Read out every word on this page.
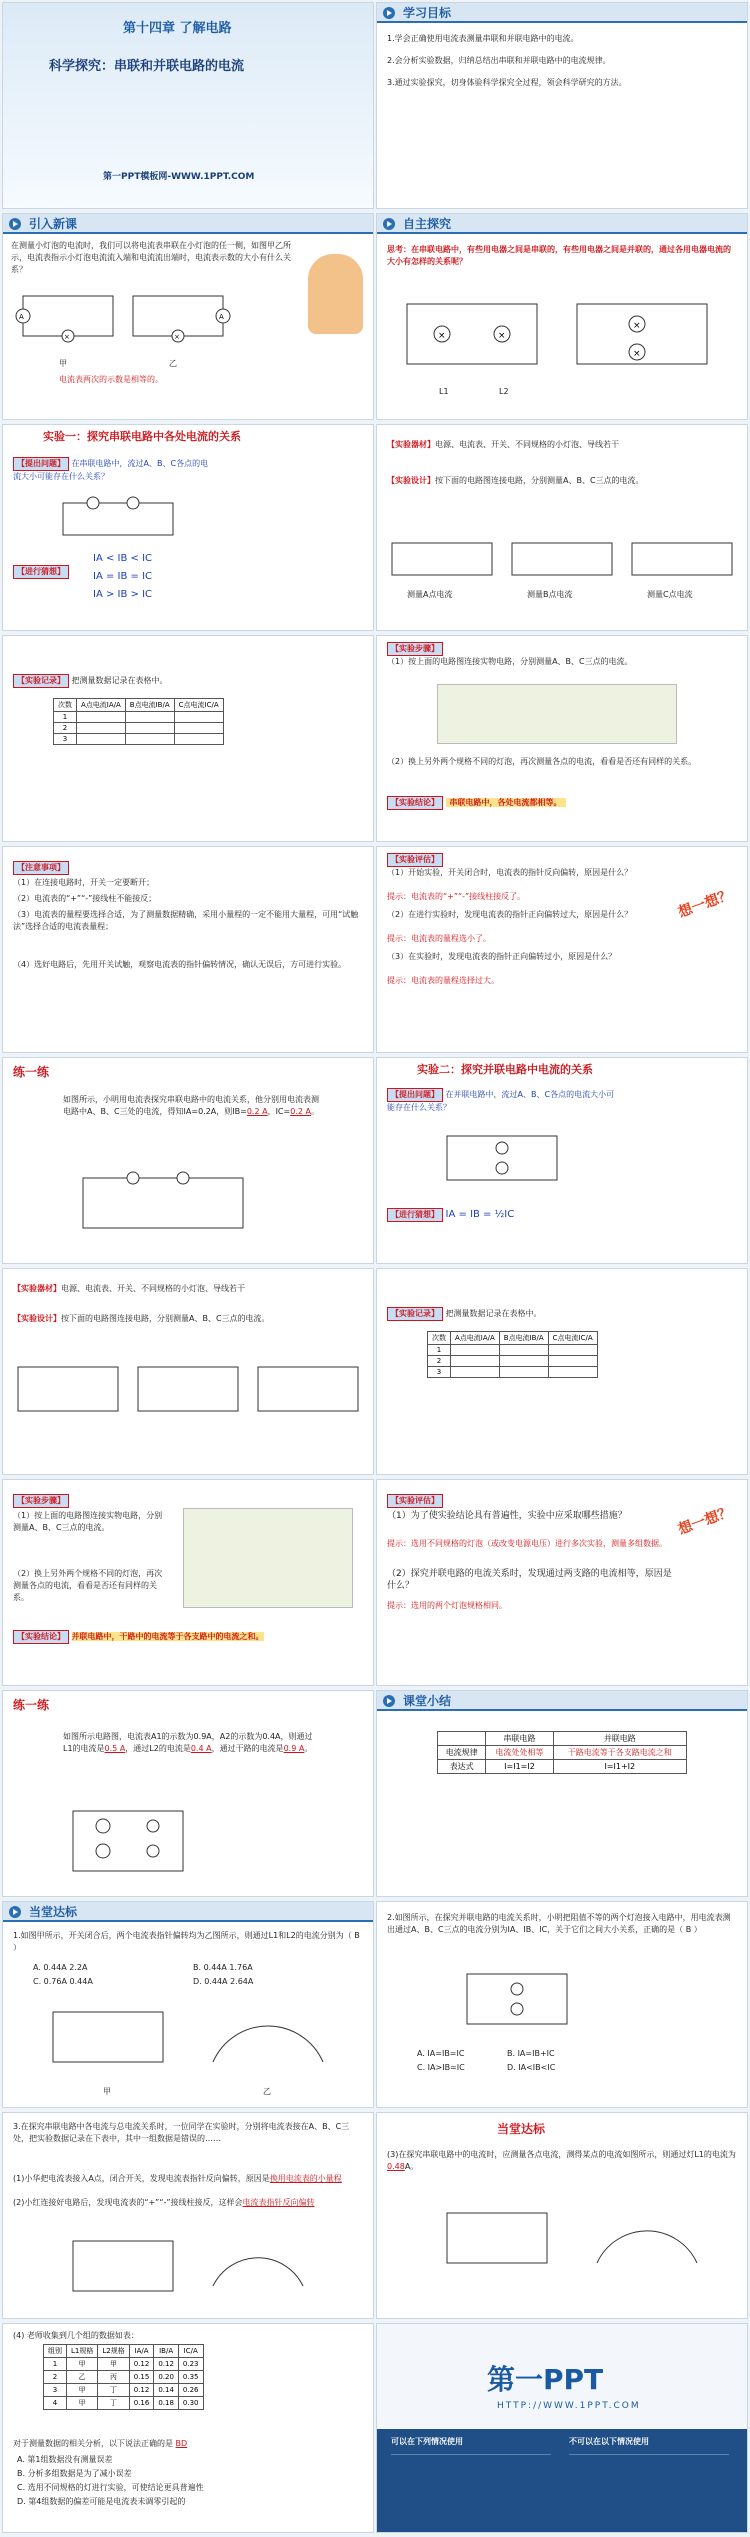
第十四章 了解电路
科学探究：串联和并联电路的电流
第一PPT模板网-WWW.1PPT.COM
学习目标
1.学会正确使用电流表测量串联和并联电路中的电流。
2.会分析实验数据，归纳总结出串联和并联电路中的电流规律。
3.通过实验探究，切身体验科学探究全过程，领会科学研究的方法。
引入新课
在测量小灯泡的电流时，我们可以将电流表串联在小灯泡的任一侧，如图甲乙所示，电流表指示小灯泡电流流入端和电流流出端时，电流表示数的大小有什么关系？
A
×
A
×
甲	乙
电流表两次的示数是相等的。
自主探究
思考：在串联电路中，有些用电器之间是串联的，有些用电器之间是并联的，通过各用电器电流的大小有怎样的关系呢？
×	×
×
×
L1	L2
实验一：探究串联电路中各处电流的关系
【提出问题】 在串联电路中，流过A、B、C各点的电流大小可能存在什么关系？
【进行猜想】
IA < IB < IC
IA = IB = IC
IA > IB > IC
【实验器材】电源、电流表、开关、不同规格的小灯泡、导线若干
【实验设计】按下面的电路图连接电路，分别测量A、B、C三点的电流。
测量A点电流	测量B点电流	测量C点电流
【实验记录】 把测量数据记录在表格中。
次数	A点电流IA/A	B点电流IB/A	C点电流IC/A
1			
2			
3			
【实验步骤】
（1）按上面的电路图连接实物电路，分别测量A、B、C三点的电流。
（2）换上另外两个规格不同的灯泡，再次测量各点的电流，看看是否还有同样的关系。
【实验结论】 串联电路中，各处电流都相等。
【注意事项】
（1）在连接电路时，开关一定要断开；
（2）电流表的“+”“-”接线柱不能接反；
（3）电流表的量程要选择合适，为了测量数据精确，采用小量程的一定不能用大量程，可用“试触法”选择合适的电流表量程；
（4）选好电路后，先用开关试触，观察电流表的指针偏转情况，确认无误后，方可进行实验。
【实验评估】
（1）开始实验，开关闭合时，电流表的指针反向偏转，原因是什么？
提示：电流表的“+”“-”接线柱接反了。
（2）在进行实验时，发现电流表的指针正向偏转过大，原因是什么？
提示：电流表的量程选小了。
（3）在实验时，发现电流表的指针正向偏转过小，原因是什么？
提示：电流表的量程选择过大。
想一想？
练一练
如图所示，小明用电流表探究串联电路中的电流关系，他分别用电流表测电路中A、B、C三处的电流，得知IA=0.2A，则IB=0.2 A，IC=0.2 A。
实验二：探究并联电路中电流的关系
【提出问题】 在并联电路中，流过A、B、C各点的电流大小可能存在什么关系？
【进行猜想】 IA = IB = ½IC
【实验器材】电源、电流表、开关、不同规格的小灯泡、导线若干
【实验设计】按下面的电路图连接电路，分别测量A、B、C三点的电流。
【实验记录】 把测量数据记录在表格中。
次数	A点电流IA/A	B点电流IB/A	C点电流IC/A
1			
2			
3			
【实验步骤】
（1）按上面的电路图连接实物电路，分别测量A、B、C三点的电流。
（2）换上另外两个规格不同的灯泡，再次测量各点的电流，看看是否还有同样的关系。
【实验结论】 并联电路中，干路中的电流等于各支路中的电流之和。
【实验评估】
（1）为了使实验结论具有普遍性，实验中应采取哪些措施？
提示：选用不同规格的灯泡（或改变电源电压）进行多次实验，测量多组数据。
（2）探究并联电路的电流关系时，发现通过两支路的电流相等，原因是什么？
提示：选用的两个灯泡规格相同。
想一想？
练一练
如图所示电路图，电流表A1的示数为0.9A，A2的示数为0.4A，则通过L1的电流是0.5 A，通过L2的电流是0.4 A，通过干路的电流是0.9 A。
课堂小结
	串联电路	并联电路
电流规律	电流处处相等	干路电流等于各支路电流之和
表达式	I=I1=I2	I=I1+I2
当堂达标
1.如图甲所示，开关闭合后，两个电流表指针偏转均为乙图所示，则通过L1和L2的电流分别为（ B ）
A. 0.44A 2.2A	B. 0.44A 1.76A
C. 0.76A 0.44A	D. 0.44A 2.64A
甲	乙
2.如图所示，在探究并联电路的电流关系时，小明把阻值不等的两个灯泡接入电路中，用电流表测出通过A、B、C三点的电流分别为IA、IB、IC，关于它们之间大小关系，正确的是（ B ）
A. IA=IB=IC	B. IA=IB+IC
C. IA>IB=IC	D. IA<IB<IC
3.在探究串联电路中各电流与总电流关系时，一位同学在实验时，分别将电流表接在A、B、C三处，把实验数据记录在下表中，其中一组数据是错误的……
(1)小华把电流表接入A点，闭合开关，发现电流表指针反向偏转，原因是换用电流表的小量程
(2)小红连接好电路后，发现电流表的“+”“-”接线柱接反，这样会电流表指针反向偏转
当堂达标
(3)在探究串联电路中的电流时，应测量各点电流，测得某点的电流如图所示，则通过灯L1的电流为0.48A。
(4) 老师收集到几个组的数据如表：
组别	L1规格	L2规格	IA/A	IB/A	IC/A
1	甲	甲	0.12	0.12	0.23
2	乙	丙	0.15	0.20	0.35
3	甲	丁	0.12	0.14	0.26
4	甲	丁	0.16	0.18	0.30
对于测量数据的相关分析，以下说法正确的是 BD
A. 第1组数据没有测量误差
B. 分析多组数据是为了减小误差
C. 选用不同规格的灯进行实验，可使结论更具普遍性
D. 第4组数据的偏差可能是电流表未调零引起的
第一PPT
HTTP://WWW.1PPT.COM
可以在下列情况使用	不可以在以下情况使用
